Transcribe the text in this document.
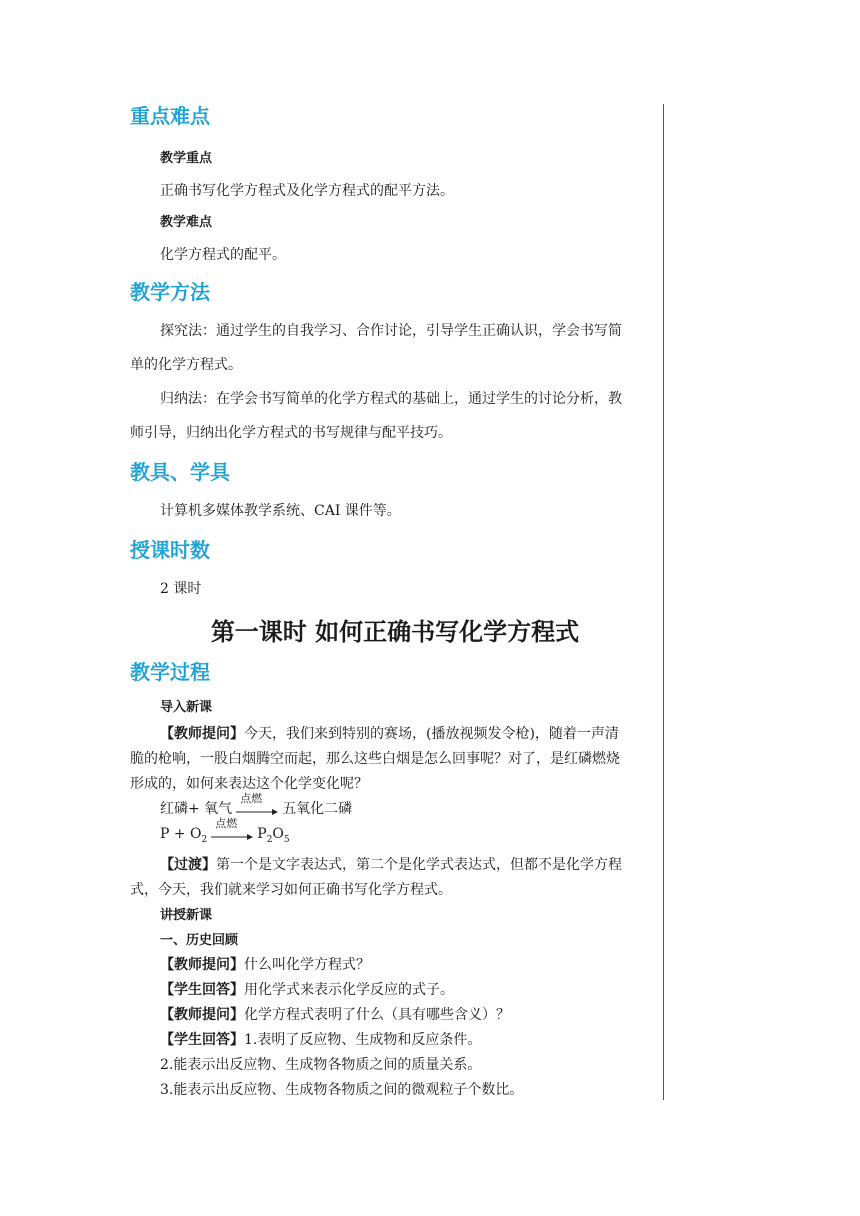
重点难点

教学重点

正确书写化学方程式及化学方程式的配平方法。

教学难点

化学方程式的配平。

教学方法

探究法：通过学生的自我学习、合作讨论，引导学生正确认识，学会书写简

单的化学方程式。

归纳法：在学会书写简单的化学方程式的基础上，通过学生的讨论分析，教

师引导，归纳出化学方程式的书写规律与配平技巧。

教具、学具

计算机多媒体教学系统、CAI 课件等。

授课时数

2 课时

第一课时 如何正确书写化学方程式
教学过程

导入新课

【教师提问】今天，我们来到特别的赛场，(播放视频发令枪)，随着一声清

脆的枪响，一股白烟腾空而起，那么这些白烟是怎么回事呢？对了，是红磷燃烧

形成的，如何来表达这个化学变化呢？

红磷+ 氧气
点燃
五氧化二磷

$P + O_2$
点燃
$P_2O_5$

【过渡】第一个是文字表达式，第二个是化学式表达式，但都不是化学方程

式，今天，我们就来学习如何正确书写化学方程式。

讲授新课

一、历史回顾

【教师提问】什么叫化学方程式？

【学生回答】用化学式来表示化学反应的式子。

【教师提问】化学方程式表明了什么（具有哪些含义）？

【学生回答】1.表明了反应物、生成物和反应条件。

2.能表示出反应物、生成物各物质之间的质量关系。

3.能表示出反应物、生成物各物质之间的微观粒子个数比。
